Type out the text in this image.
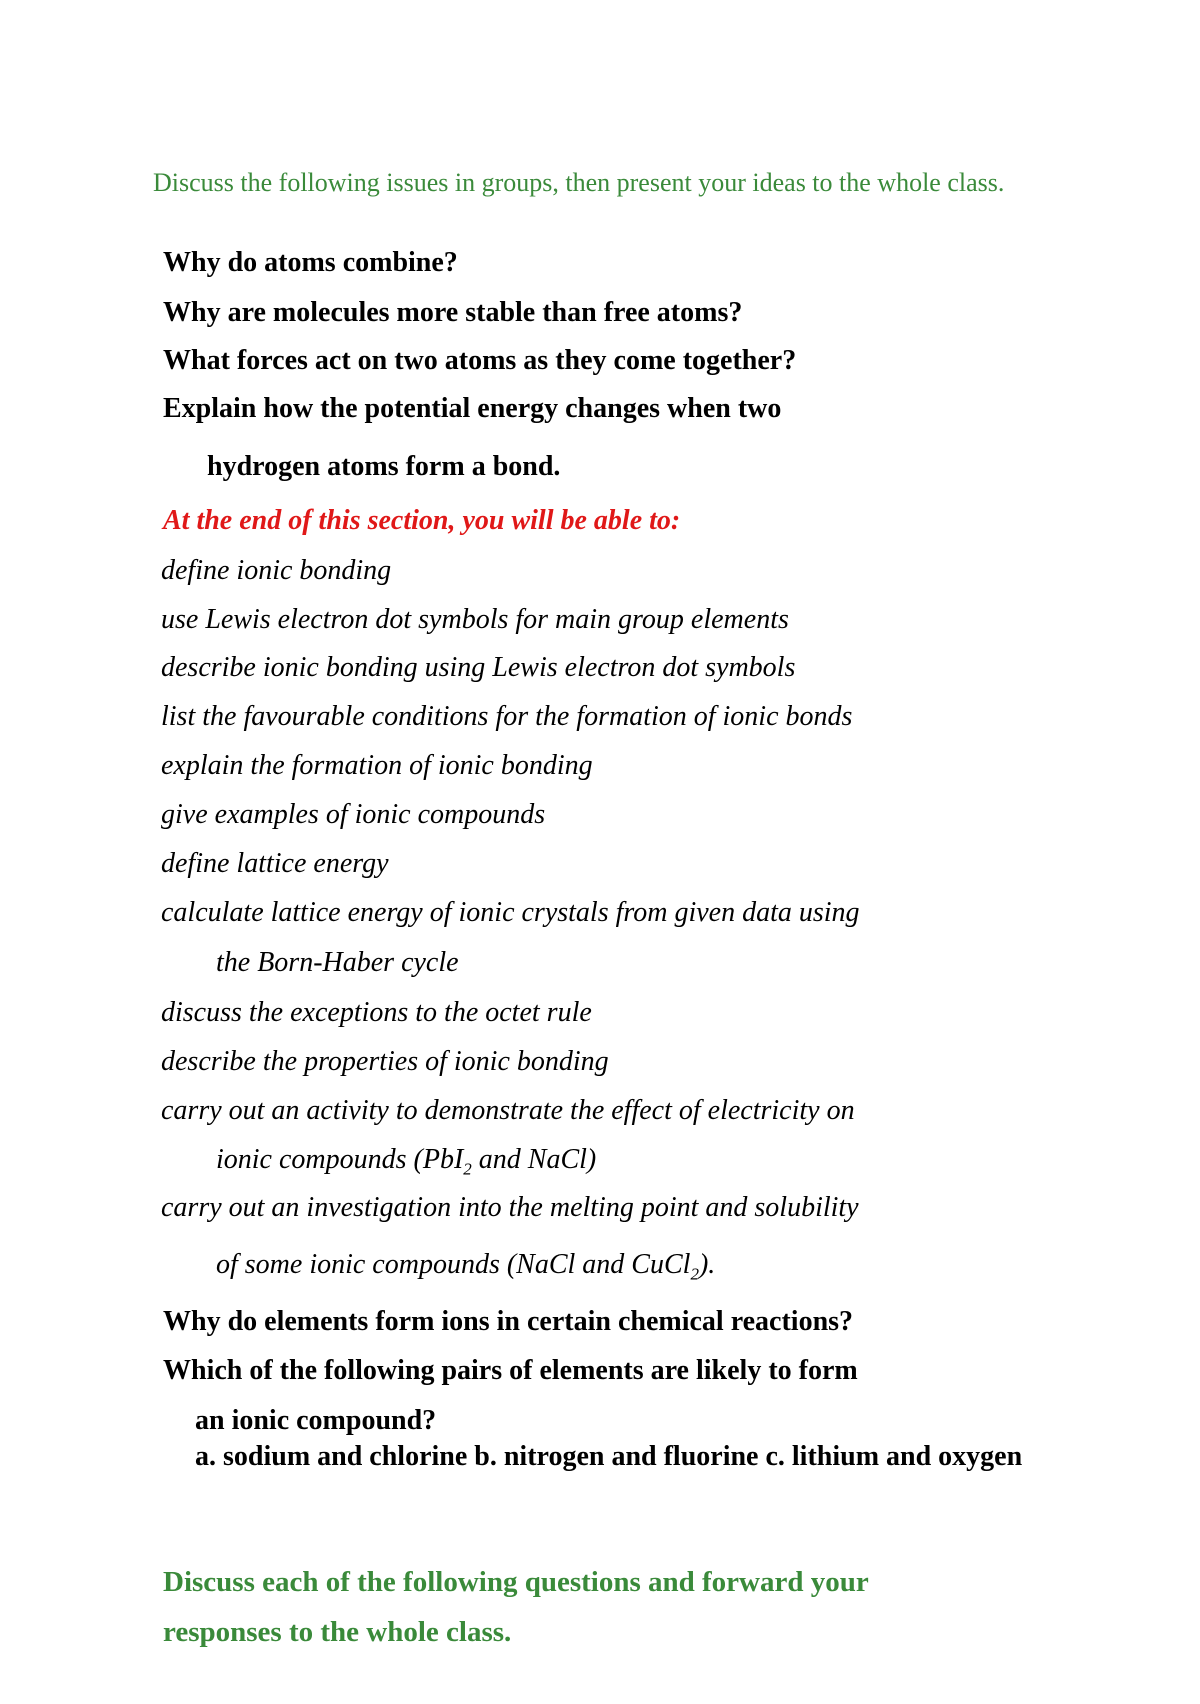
Discuss the following issues in groups, then present your ideas to the whole class.
Why do atoms combine?
Why are molecules more stable than free atoms?
What forces act on two atoms as they come together?
Explain how the potential energy changes when two
hydrogen atoms form a bond.
At the end of this section, you will be able to:
define ionic bonding
use Lewis electron dot symbols for main group elements
describe ionic bonding using Lewis electron dot symbols
list the favourable conditions for the formation of ionic bonds
explain the formation of ionic bonding
give examples of ionic compounds
define lattice energy
calculate lattice energy of ionic crystals from given data using
the Born-Haber cycle
discuss the exceptions to the octet rule
describe the properties of ionic bonding
carry out an activity to demonstrate the effect of electricity on
ionic compounds (PbI$_2$ and NaCl)
carry out an investigation into the melting point and solubility
of some ionic compounds (NaCl and CuCl$_2$).
Why do elements form ions in certain chemical reactions?
Which of the following pairs of elements are likely to form
an ionic compound?
a. sodium and chlorine b. nitrogen and fluorine c. lithium and oxygen
Discuss each of the following questions and forward your
responses to the whole class.
